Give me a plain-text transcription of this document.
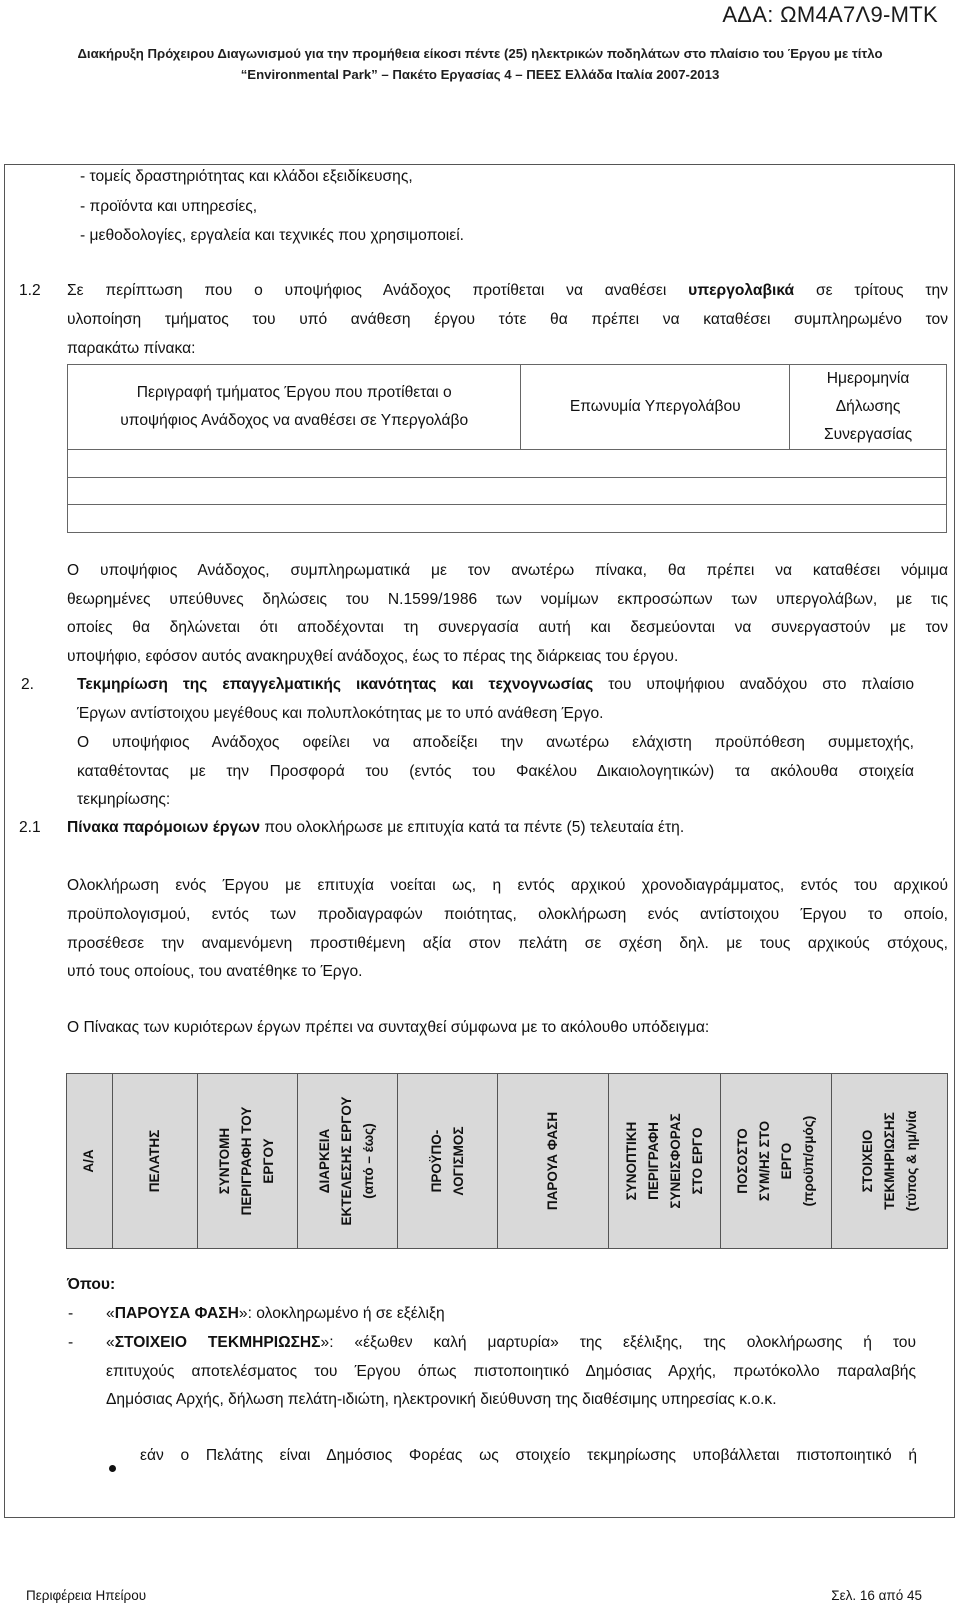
ΑΔΑ: ΩΜ4Α7Λ9-ΜΤΚ
Διακήρυξη Πρόχειρου Διαγωνισμού για την προμήθεια είκοσι πέντε (25) ηλεκτρικών ποδηλάτων στο πλαίσιο του Έργου με τίτλο
“Environmental Park” – Πακέτο Εργασίας 4 – ΠΕΕΣ Ελλάδα Ιταλία 2007-2013
- τομείς δραστηριότητας και κλάδοι εξειδίκευσης,
- προϊόντα και υπηρεσίες,
- μεθοδολογίες, εργαλεία και τεχνικές που χρησιμοποιεί.
1.2 Σε περίπτωση που ο υποψήφιος Ανάδοχος προτίθεται να αναθέσει υπεργολαβικά σε τρίτους την
υλοποίηση τμήματος του υπό ανάθεση έργου τότε θα πρέπει να καταθέσει συμπληρωμένο τον
παρακάτω πίνακα:
Περιγραφή τμήματος Έργου που προτίθεται ο
υποψήφιος Ανάδοχος να αναθέσει σε Υπεργολάβο	Επωνυμία Υπεργολάβου	Ημερομηνία
Δήλωσης
Συνεργασίας

Ο υποψήφιος Ανάδοχος, συμπληρωματικά με τον ανωτέρω πίνακα, θα πρέπει να καταθέσει νόμιμα
θεωρημένες υπεύθυνες δηλώσεις του Ν.1599/1986 των νομίμων εκπροσώπων των υπεργολάβων, με τις
οποίες θα δηλώνεται ότι αποδέχονται τη συνεργασία αυτή και δεσμεύονται να συνεργαστούν με τον
υποψήφιο, εφόσον αυτός ανακηρυχθεί ανάδοχος, έως το πέρας της διάρκειας του έργου.
2.	Τεκμηρίωση της επαγγελματικής ικανότητας και τεχνογνωσίας του υποψήφιου αναδόχου στο πλαίσιο
Έργων αντίστοιχου μεγέθους και πολυπλοκότητας με το υπό ανάθεση Έργο.
Ο υποψήφιος Ανάδοχος οφείλει να αποδείξει την ανωτέρω ελάχιστη προϋπόθεση συμμετοχής,
καταθέτοντας με την Προσφορά του (εντός του Φακέλου Δικαιολογητικών) τα ακόλουθα στοιχεία
τεκμηρίωσης:
2.1 Πίνακα παρόμοιων έργων που ολοκλήρωσε με επιτυχία κατά τα πέντε (5) τελευταία έτη.
Ολοκλήρωση ενός Έργου με επιτυχία νοείται ως, η εντός αρχικού χρονοδιαγράμματος, εντός του αρχικού
προϋπολογισμού, εντός των προδιαγραφών ποιότητας, ολοκλήρωση ενός αντίστοιχου Έργου το οποίο,
προσέθεσε την αναμενόμενη προστιθέμενη αξία στον πελάτη σε σχέση δηλ. με τους αρχικούς στόχους,
υπό τους οποίους, του ανατέθηκε το Έργο.
Ο Πίνακας των κυριότερων έργων πρέπει να συνταχθεί σύμφωνα με το ακόλουθο υπόδειγμα:
Α/Α	ΠΕΛΑΤΗΣ	ΣΥΝΤΟΜΗ ΠΕΡΙΓΡΑΦΗ ΤΟΥ ΕΡΓΟΥ	ΔΙΑΡΚΕΙΑ ΕΚΤΕΛΕΣΗΣ ΕΡΓΟΥ (από – έως)	ΠΡΟΫΠΟ- ΛΟΓΙΣΜΟΣ	ΠΑΡΟΥΑ ΦΑΣΗ	ΣΥΝΟΠΤΙΚΗ ΠΕΡΙΓΡΑΦΗ ΣΥΝΕΙΣΦΟΡΑΣ ΣΤΟ ΕΡΓΟ	ΠΟΣΟΣΤΟ ΣΥΜ/ΗΣ ΣΤΟ ΕΡΓΟ (προϋπ/σμός)	ΣΤΟΙΧΕΙΟ ΤΕΚΜΗΡΙΩΣΗΣ (τύπος & ημ/νία
Όπου:
- «ΠΑΡΟΥΣΑ ΦΑΣΗ»: ολοκληρωμένο ή σε εξέλιξη
- «ΣΤΟΙΧΕΙΟ ΤΕΚΜΗΡΙΩΣΗΣ»: «έξωθεν καλή μαρτυρία» της εξέλιξης, της ολοκλήρωσης ή του
επιτυχούς αποτελέσματος του Έργου όπως πιστοποιητικό Δημόσιας Αρχής, πρωτόκολλο παραλαβής
Δημόσιας Αρχής, δήλωση πελάτη-ιδιώτη, ηλεκτρονική διεύθυνση της διαθέσιμης υπηρεσίας κ.ο.κ.
εάν ο Πελάτης είναι Δημόσιος Φορέας ως στοιχείο τεκμηρίωσης υποβάλλεται πιστοποιητικό ή
Περιφέρεια Ηπείρου	Σελ. 16 από 45
